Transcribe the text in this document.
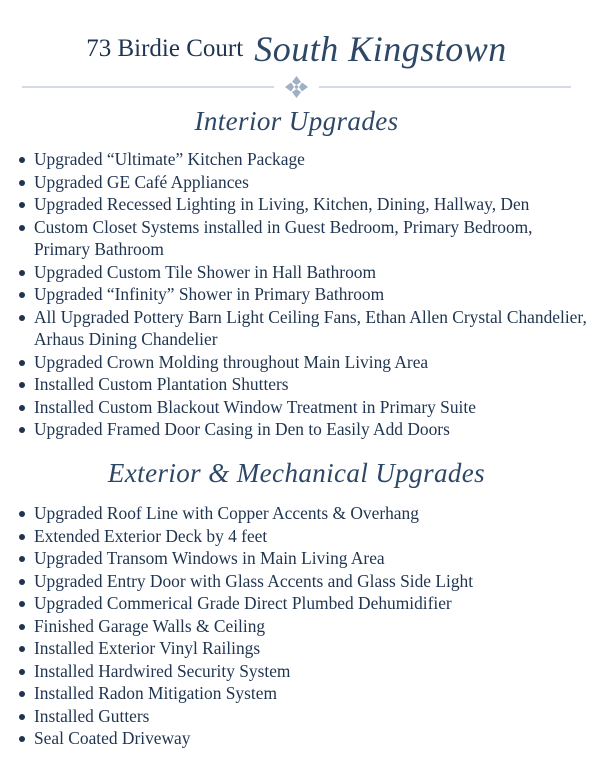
73 Birdie Court South Kingstown
Interior Upgrades
Upgraded “Ultimate” Kitchen Package
Upgraded GE Café Appliances
Upgraded Recessed Lighting in Living, Kitchen, Dining, Hallway, Den
Custom Closet Systems installed in Guest Bedroom, Primary Bedroom, Primary Bathroom
Upgraded Custom Tile Shower in Hall Bathroom
Upgraded “Infinity” Shower in Primary Bathroom
All Upgraded Pottery Barn Light Ceiling Fans, Ethan Allen Crystal Chandelier, Arhaus Dining Chandelier
Upgraded Crown Molding throughout Main Living Area
Installed Custom Plantation Shutters
Installed Custom Blackout Window Treatment in Primary Suite
Upgraded Framed Door Casing in Den to Easily Add Doors
Exterior & Mechanical Upgrades
Upgraded Roof Line with Copper Accents & Overhang
Extended Exterior Deck by 4 feet
Upgraded Transom Windows in Main Living Area
Upgraded Entry Door with Glass Accents and Glass Side Light
Upgraded Commerical Grade Direct Plumbed Dehumidifier
Finished Garage Walls & Ceiling
Installed Exterior Vinyl Railings
Installed Hardwired Security System
Installed Radon Mitigation System
Installed Gutters
Seal Coated Driveway
